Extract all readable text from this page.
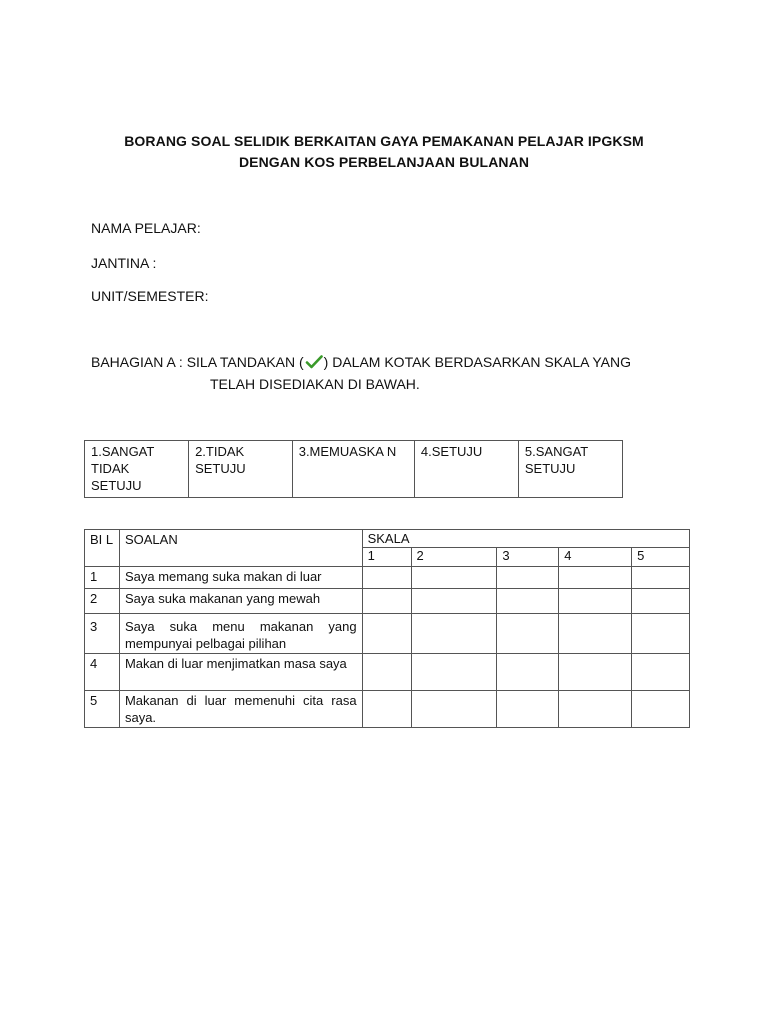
BORANG SOAL SELIDIK BERKAITAN GAYA PEMAKANAN PELAJAR IPGKSM
DENGAN KOS PERBELANJAAN BULANAN
NAMA PELAJAR:
JANTINA :
UNIT/SEMESTER:
BAHAGIAN A : SILA TANDAKAN ( ) DALAM KOTAK BERDASARKAN SKALA YANG
TELAH DISEDIAKAN DI BAWAH.
1.SANGAT TIDAK SETUJU	2.TIDAK SETUJU	3.MEMUASKA N	4.SETUJU	5.SANGAT SETUJU
BI L	SOALAN	SKALA				
		1	2	3	4	5
1	Saya memang suka makan di luar					
2	Saya suka makanan yang mewah					
3	Saya suka menu makanan yang mempunyai pelbagai pilihan					
4	Makan di luar menjimatkan masa saya					
5	Makanan di luar memenuhi cita rasa saya.					
